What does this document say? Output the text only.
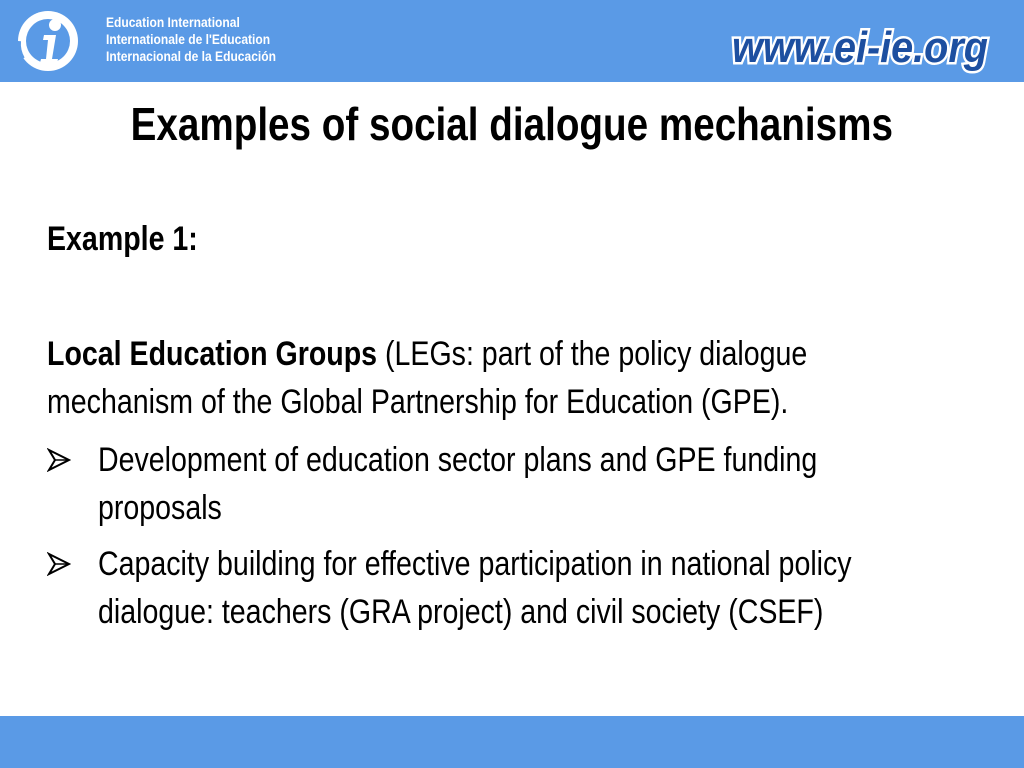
Education International
Internationale de l'Education
Internacional de la Educación	www.ei-ie.org
Examples of social dialogue mechanisms
Example 1:
Local Education Groups (LEGs: part of the policy dialogue
mechanism of the Global Partnership for Education (GPE).
Development of education sector plans and GPE funding
proposals
Capacity building for effective participation in national policy
dialogue: teachers (GRA project) and civil society (CSEF)
